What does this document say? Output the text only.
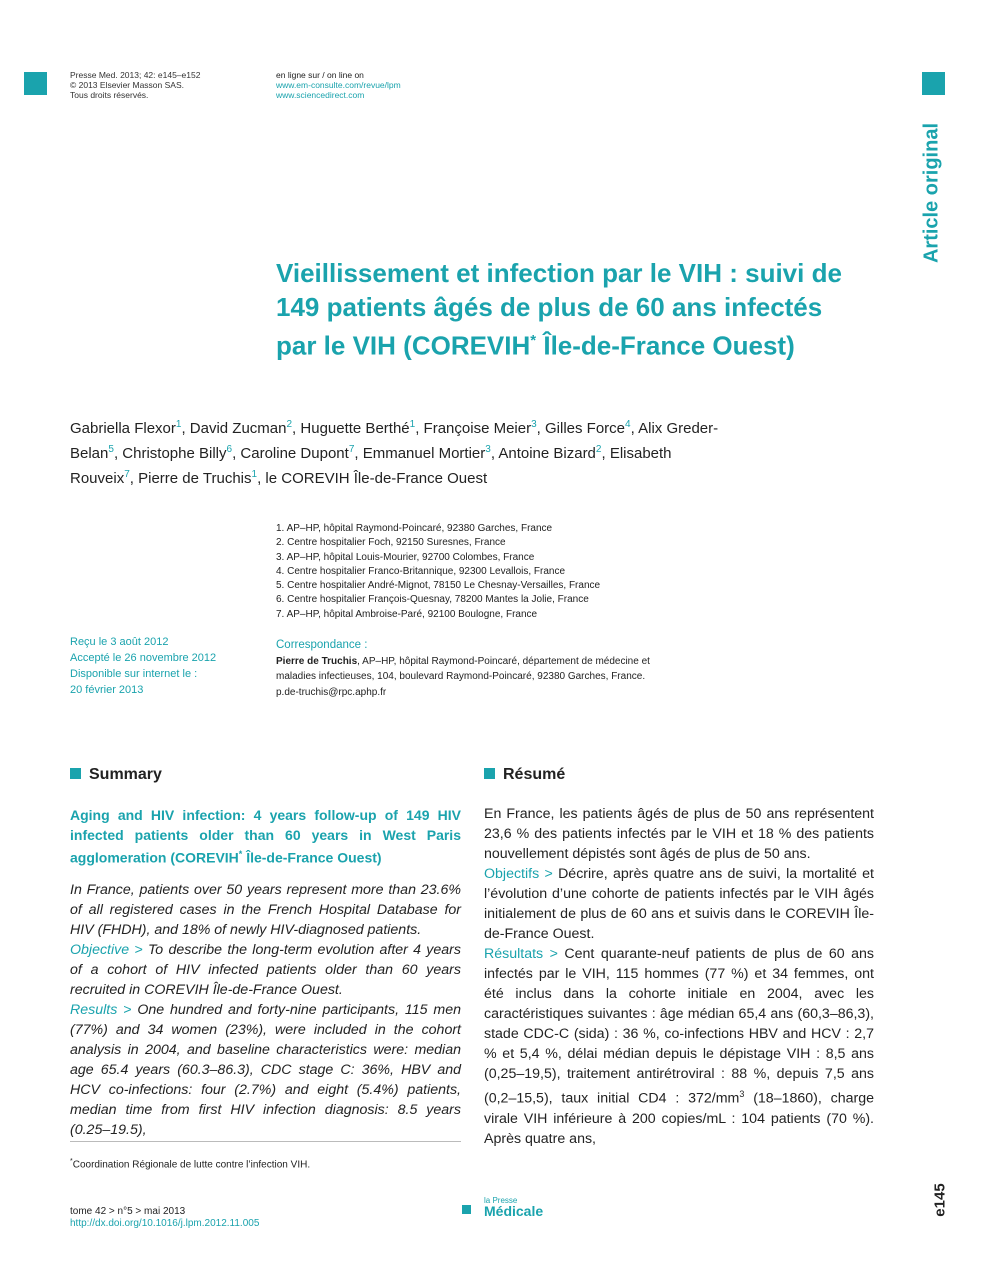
Presse Med. 2013; 42: e145–e152
© 2013 Elsevier Masson SAS.
Tous droits réservés.
en ligne sur / on line on
www.em-consulte.com/revue/lpm
www.sciencedirect.com
Article original
Vieillissement et infection par le VIH : suivi de
149 patients âgés de plus de 60 ans infectés
par le VIH (COREVIH* Île-de-France Ouest)

Gabriella Flexor$^1$, David Zucman$^2$, Huguette Berthé$^1$, Françoise Meier$^3$, Gilles Force$^4$, Alix Greder-Belan$^5$, Christophe Billy$^6$, Caroline Dupont$^7$, Emmanuel Mortier$^3$, Antoine Bizard$^2$, Elisabeth Rouveix$^7$, Pierre de Truchis$^1$, le COREVIH Île-de-France Ouest

1. AP–HP, hôpital Raymond-Poincaré, 92380 Garches, France
2. Centre hospitalier Foch, 92150 Suresnes, France
3. AP–HP, hôpital Louis-Mourier, 92700 Colombes, France
4. Centre hospitalier Franco-Britannique, 92300 Levallois, France
5. Centre hospitalier André-Mignot, 78150 Le Chesnay-Versailles, France
6. Centre hospitalier François-Quesnay, 78200 Mantes la Jolie, France
7. AP–HP, hôpital Ambroise-Paré, 92100 Boulogne, France
Reçu le 3 août 2012
Accepté le 26 novembre 2012
Disponible sur internet le :
20 février 2013
Correspondance :
Pierre de Truchis, AP–HP, hôpital Raymond-Poincaré, département de médecine et
maladies infectieuses, 104, boulevard Raymond-Poincaré, 92380 Garches, France.
p.de-truchis@rpc.aphp.fr
Summary	Résumé

Aging and HIV infection: 4 years follow-up of 149 HIV infected patients older than 60 years in West Paris agglomeration (COREVIH* Île-de-France Ouest)

In France, patients over 50 years represent more than 23.6% of all registered cases in the French Hospital Database for HIV (FHDH), and 18% of newly HIV-diagnosed patients.

Objective > To describe the long-term evolution after 4 years of a cohort of HIV infected patients older than 60 years recruited in COREVIH Île-de-France Ouest.

Results > One hundred and forty-nine participants, 115 men (77%) and 34 women (23%), were included in the cohort analysis in 2004, and baseline characteristics were: median age 65.4 years (60.3–86.3), CDC stage C: 36%, HBV and HCV co-infections: four (2.7%) and eight (5.4%) patients, median time from first HIV infection diagnosis: 8.5 years (0.25–19.5),

En France, les patients âgés de plus de 50 ans représentent 23,6 % des patients infectés par le VIH et 18 % des patients nouvellement dépistés sont âgés de plus de 50 ans.

Objectifs > Décrire, après quatre ans de suivi, la mortalité et l’évolution d’une cohorte de patients infectés par le VIH âgés initialement de plus de 60 ans et suivis dans le COREVIH Île-de-France Ouest.

Résultats > Cent quarante-neuf patients de plus de 60 ans infectés par le VIH, 115 hommes (77 %) et 34 femmes, ont été inclus dans la cohorte initiale en 2004, avec les caractéristiques suivantes : âge médian 65,4 ans (60,3–86,3), stade CDC-C (sida) : 36 %, co-infections HBV and HCV : 2,7 % et 5,4 %, délai médian depuis le dépistage VIH : 8,5 ans (0,25–19,5), traitement antirétroviral : 88 %, depuis 7,5 ans (0,2–15,5), taux initial CD4 : $372/mm^3$ (18–1860), charge virale VIH inférieure à 200 copies/mL : 104 patients (70 %). Après quatre ans,

*Coordination Régionale de lutte contre l’infection VIH.
tome 42 > n°5 > mai 2013
http://dx.doi.org/10.1016/j.lpm.2012.11.005
la Presse
Médicale	e145
